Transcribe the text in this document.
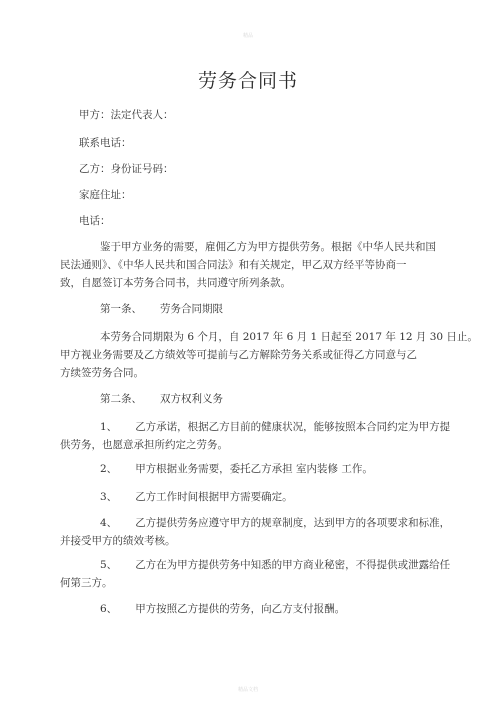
精品
劳务合同书

甲方：法定代表人：

联系电话：

乙方：身份证号码：

家庭住址：

电话：

鉴于甲方业务的需要，雇佣乙方为甲方提供劳务。根据《中华人民共和国
民法通则》、《中华人民共和国合同法》和有关规定，甲乙双方经平等协商一
致，自愿签订本劳务合同书，共同遵守所列条款。

第一条、 劳务合同期限

本劳务合同期限为 6 个月，自 2017 年 6 月 1 日起至 2017 年 12 月 30 日止。
甲方视业务需要及乙方绩效等可提前与乙方解除劳务关系或征得乙方同意与乙
方续签劳务合同。

第二条、 双方权利义务

1、 乙方承诺，根据乙方目前的健康状况，能够按照本合同约定为甲方提
供劳务，也愿意承担所约定之劳务。

2、 甲方根据业务需要，委托乙方承担 室内装修 工作。

3、 乙方工作时间根据甲方需要确定。

4、 乙方提供劳务应遵守甲方的规章制度，达到甲方的各项要求和标准，
并接受甲方的绩效考核。

5、 乙方在为甲方提供劳务中知悉的甲方商业秘密，不得提供或泄露给任
何第三方。

6、 甲方按照乙方提供的劳务，向乙方支付报酬。

精品文档
